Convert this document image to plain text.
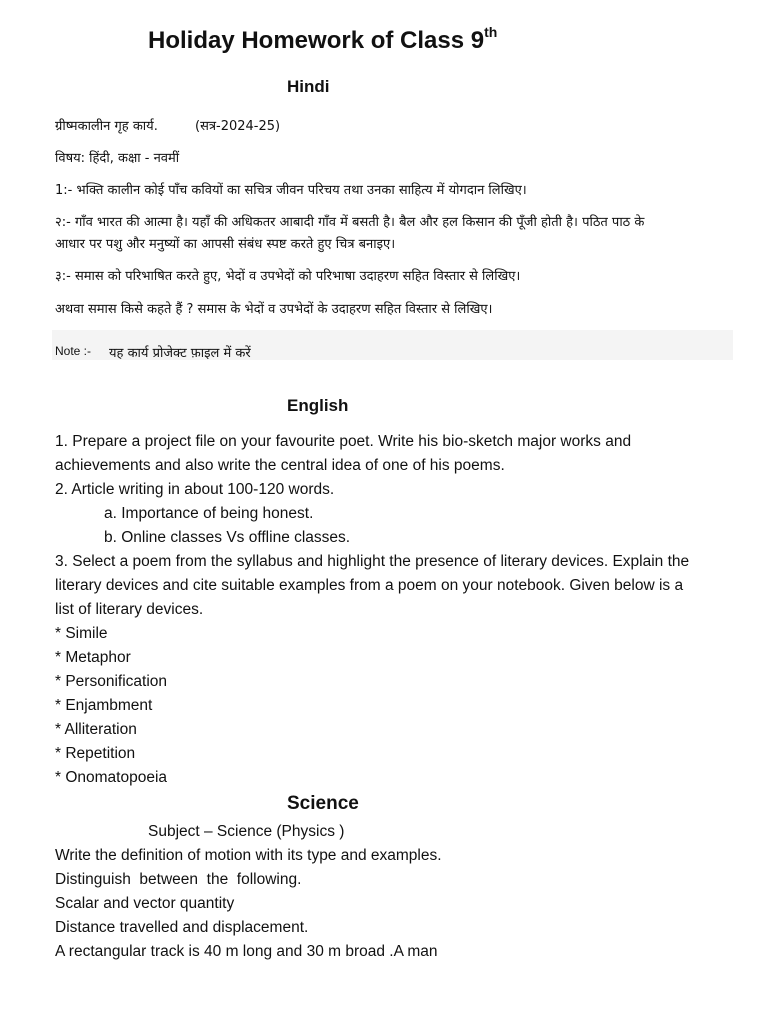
Holiday Homework of Class 9th
Hindi
ग्रीष्मकालीन गृह कार्य.	(सत्र-2024-25)
विषय: हिंदी, कक्षा - नवमीं
1:- भक्ति कालीन कोई पाँच कवियों का सचित्र जीवन परिचय तथा उनका साहित्य में योगदान लिखिए।
२:- गाँव भारत की आत्मा है। यहाँ की अधिकतर आबादी गाँव में बसती है। बैल और हल किसान की पूँजी होती है। पठित पाठ के
आधार पर पशु और मनुष्यों का आपसी संबंध स्पष्ट करते हुए चित्र बनाइए।
३:- समास को परिभाषित करते हुए, भेदों व उपभेदों को परिभाषा उदाहरण सहित विस्तार से लिखिए।
अथवा समास किसे कहते हैं ? समास के भेदों व उपभेदों के उदाहरण सहित विस्तार से लिखिए।
Note :- यह कार्य प्रोजेक्ट फ़ाइल में करें
English
1. Prepare a project file on your favourite poet. Write his bio-sketch major works and
achievements and also write the central idea of one of his poems.
2. Article writing in about 100-120 words.
a. Importance of being honest.
b. Online classes Vs offline classes.
3. Select a poem from the syllabus and highlight the presence of literary devices. Explain the
literary devices and cite suitable examples from a poem on your notebook. Given below is a
list of literary devices.
* Simile
* Metaphor
* Personification
* Enjambment
* Alliteration
* Repetition
* Onomatopoeia
Science
Subject – Science (Physics )
Write the definition of motion with its type and examples.
Distinguish  between  the  following.
Scalar and vector quantity
Distance travelled and displacement.
A rectangular track is 40 m long and 30 m broad .A man
